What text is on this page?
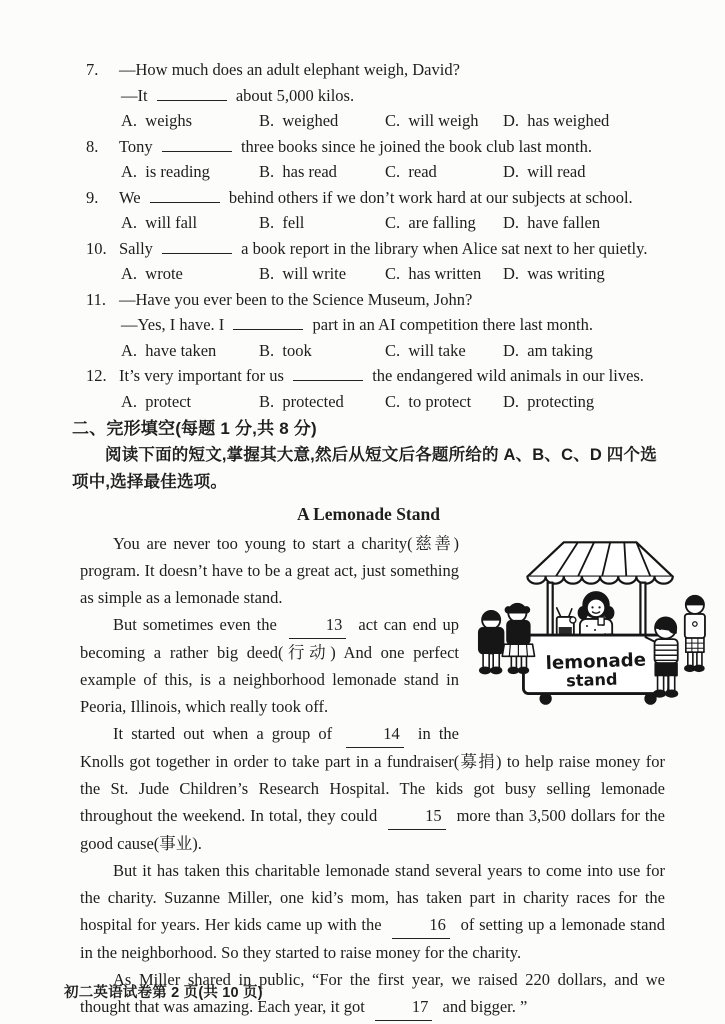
7. —How much does an adult elephant weigh, David?
—It	about 5,000 kilos.
A. weighs	B. weighed	C. will weigh	D. has weighed
8. Tony	three books since he joined the book club last month.
A. is reading	B. has read	C. read	D. will read
9. We	behind others if we don’t work hard at our subjects at school.
A. will fall	B. fell	C. are falling	D. have fallen
10. Sally	a book report in the library when Alice sat next to her quietly.
A. wrote	B. will write	C. has written	D. was writing
11. —Have you ever been to the Science Museum, John?
—Yes, I have. I	part in an AI competition there last month.
A. have taken	B. took	C. will take	D. am taking
12. It’s very important for us	the endangered wild animals in our lives.
A. protect	B. protected	C. to protect	D. protecting
二、完形填空(每题 1 分,共 8 分)

阅读下面的短文,掌握其大意,然后从短文后各题所给的 A、B、C、D 四个选项中,选择最佳选项。

A Lemonade Stand
lemonade
stand

You are never too young to start a charity(慈善) program. It doesn’t have to be a great act, just something as simple as a lemonade stand.

But sometimes even the	13 act can end up becoming a rather big deed(行动) And one perfect example of this, is a neighborhood lemonade stand in Peoria, Illinois, which really took off.

It started out when a group of	14 in the Knolls got together in order to take part in a fundraiser(募捐) to help raise money for the St. Jude Children’s Research Hospital. The kids got busy selling lemonade throughout the weekend. In total, they could	15 more than 3,500 dollars for the good cause(事业).

But it has taken this charitable lemonade stand several years to come into use for the charity. Suzanne Miller, one kid’s mom, has taken part in charity races for the hospital for years. Her kids came up with the	16 of setting up a lemonade stand in the neighborhood. So they started to raise money for the charity.

As Miller shared in public, “For the first year, we raised 220 dollars, and we thought that was amazing. Each year, it got	17 and bigger. ”

初二英语试卷第 2 页(共 10 页)
